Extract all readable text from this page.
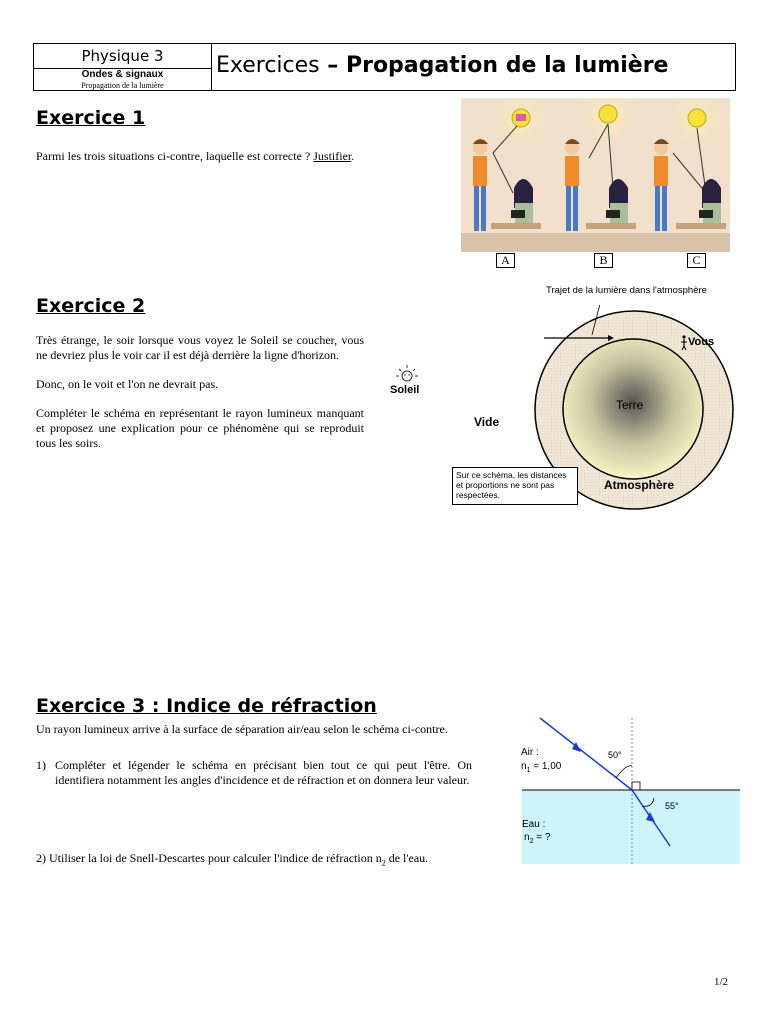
Physique 3
Ondes & signaux
Propagation de la lumière
Exercices – Propagation de la lumière
Exercice 1
Parmi les trois situations ci-contre, laquelle est correcte ? Justifier.
A	B	C
Exercice 2

Très étrange, le soir lorsque vous voyez le Soleil se coucher, vous ne devriez plus le voir car il est déjà derrière la ligne d'horizon.

Donc, on le voit et l'on ne devrait pas.

Compléter le schéma en représentant le rayon lumineux manquant et proposez une explication pour ce phénomène qui se reproduit tous les soirs.

Soleil
Trajet de la lumière dans l'atmosphère
Vous
Terre
Vide
Atmosphère
Sur ce schéma, les distances
et proportions ne sont pas
respectées.
Exercice 3 : Indice de réfraction
Un rayon lumineux arrive à la surface de séparation air/eau selon le schéma ci-contre.
1) Compléter et légender le schéma en précisant bien tout ce qui peut l'être. On identifiera notamment les angles d'incidence et de réfraction et on donnera leur valeur.
2) Utiliser la loi de Snell-Descartes pour calculer l'indice de réfraction $n_2$ de l'eau.
Air :
$n_1 = 1,00$
50°
55°
Eau :
$n_2$ = ?
1/2
